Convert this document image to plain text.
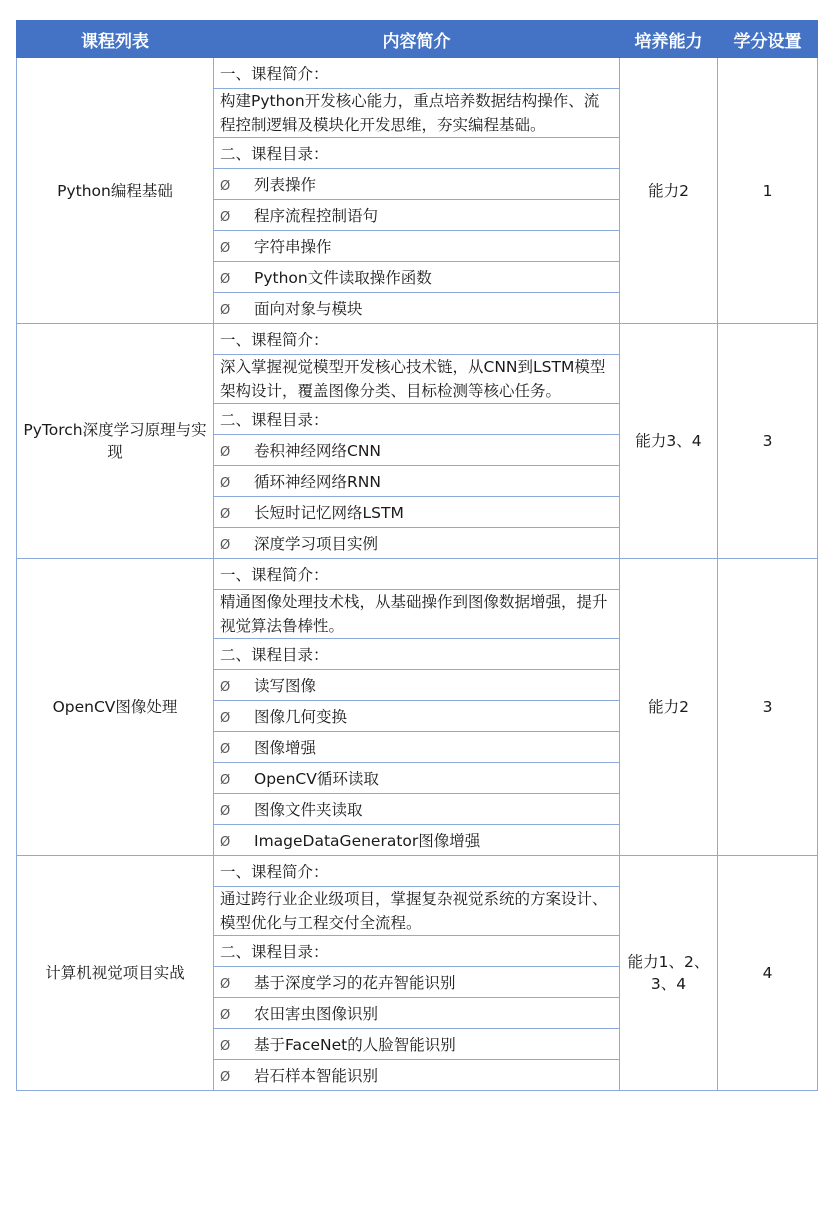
课程列表	内容简介	培养能力	学分设置
Python编程基础	一、课程简介：	能力2	1
	构建Python开发核心能力，重点培养数据结构操作、流程控制逻辑及模块化开发思维，夯实编程基础。		
	二、课程目录：		
	Ø 列表操作		
	Ø 程序流程控制语句		
	Ø 字符串操作		
	Ø Python文件读取操作函数		
	Ø 面向对象与模块		
PyTorch深度学习原理与实现	一、课程简介：	能力3、4	3
	深入掌握视觉模型开发核心技术链，从CNN到LSTM模型架构设计，覆盖图像分类、目标检测等核心任务。		
	二、课程目录：		
	Ø 卷积神经网络CNN		
	Ø 循环神经网络RNN		
	Ø 长短时记忆网络LSTM		
	Ø 深度学习项目实例		
OpenCV图像处理	一、课程简介：	能力2	3
	精通图像处理技术栈，从基础操作到图像数据增强，提升视觉算法鲁棒性。		
	二、课程目录：		
	Ø 读写图像		
	Ø 图像几何变换		
	Ø 图像增强		
	Ø OpenCV循环读取		
	Ø 图像文件夹读取		
	Ø ImageDataGenerator图像增强		
计算机视觉项目实战	一、课程简介：	能力1、2、3、4	4
	通过跨行业企业级项目，掌握复杂视觉系统的方案设计、模型优化与工程交付全流程。		
	二、课程目录：		
	Ø 基于深度学习的花卉智能识别		
	Ø 农田害虫图像识别		
	Ø 基于FaceNet的人脸智能识别		
	Ø 岩石样本智能识别		
